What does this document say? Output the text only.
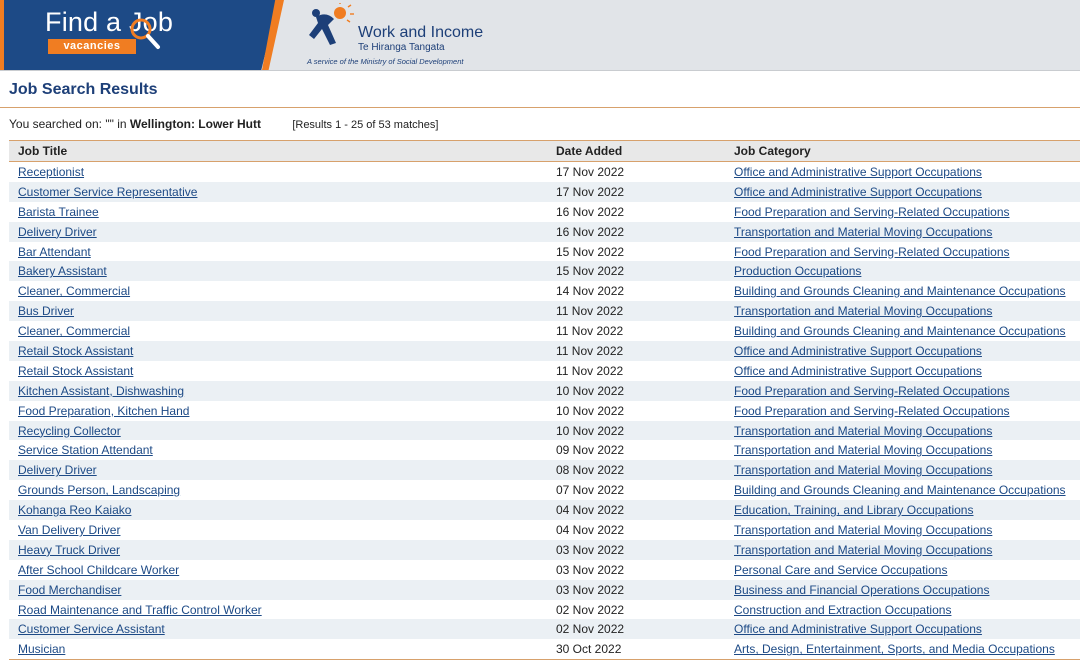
Find a Job
vacancies
Work and Income
Te Hiranga Tangata
A service of the Ministry of Social Development
Job Search Results
You searched on: "" in Wellington: Lower Hutt	[Results 1 - 25 of 53 matches]
Job Title	Date Added	Job Category
Receptionist	17 Nov 2022	Office and Administrative Support Occupations
Customer Service Representative	17 Nov 2022	Office and Administrative Support Occupations
Barista Trainee	16 Nov 2022	Food Preparation and Serving-Related Occupations
Delivery Driver	16 Nov 2022	Transportation and Material Moving Occupations
Bar Attendant	15 Nov 2022	Food Preparation and Serving-Related Occupations
Bakery Assistant	15 Nov 2022	Production Occupations
Cleaner, Commercial	14 Nov 2022	Building and Grounds Cleaning and Maintenance Occupations
Bus Driver	11 Nov 2022	Transportation and Material Moving Occupations
Cleaner, Commercial	11 Nov 2022	Building and Grounds Cleaning and Maintenance Occupations
Retail Stock Assistant	11 Nov 2022	Office and Administrative Support Occupations
Retail Stock Assistant	11 Nov 2022	Office and Administrative Support Occupations
Kitchen Assistant, Dishwashing	10 Nov 2022	Food Preparation and Serving-Related Occupations
Food Preparation, Kitchen Hand	10 Nov 2022	Food Preparation and Serving-Related Occupations
Recycling Collector	10 Nov 2022	Transportation and Material Moving Occupations
Service Station Attendant	09 Nov 2022	Transportation and Material Moving Occupations
Delivery Driver	08 Nov 2022	Transportation and Material Moving Occupations
Grounds Person, Landscaping	07 Nov 2022	Building and Grounds Cleaning and Maintenance Occupations
Kohanga Reo Kaiako	04 Nov 2022	Education, Training, and Library Occupations
Van Delivery Driver	04 Nov 2022	Transportation and Material Moving Occupations
Heavy Truck Driver	03 Nov 2022	Transportation and Material Moving Occupations
After School Childcare Worker	03 Nov 2022	Personal Care and Service Occupations
Food Merchandiser	03 Nov 2022	Business and Financial Operations Occupations
Road Maintenance and Traffic Control Worker	02 Nov 2022	Construction and Extraction Occupations
Customer Service Assistant	02 Nov 2022	Office and Administrative Support Occupations
Musician	30 Oct 2022	Arts, Design, Entertainment, Sports, and Media Occupations
